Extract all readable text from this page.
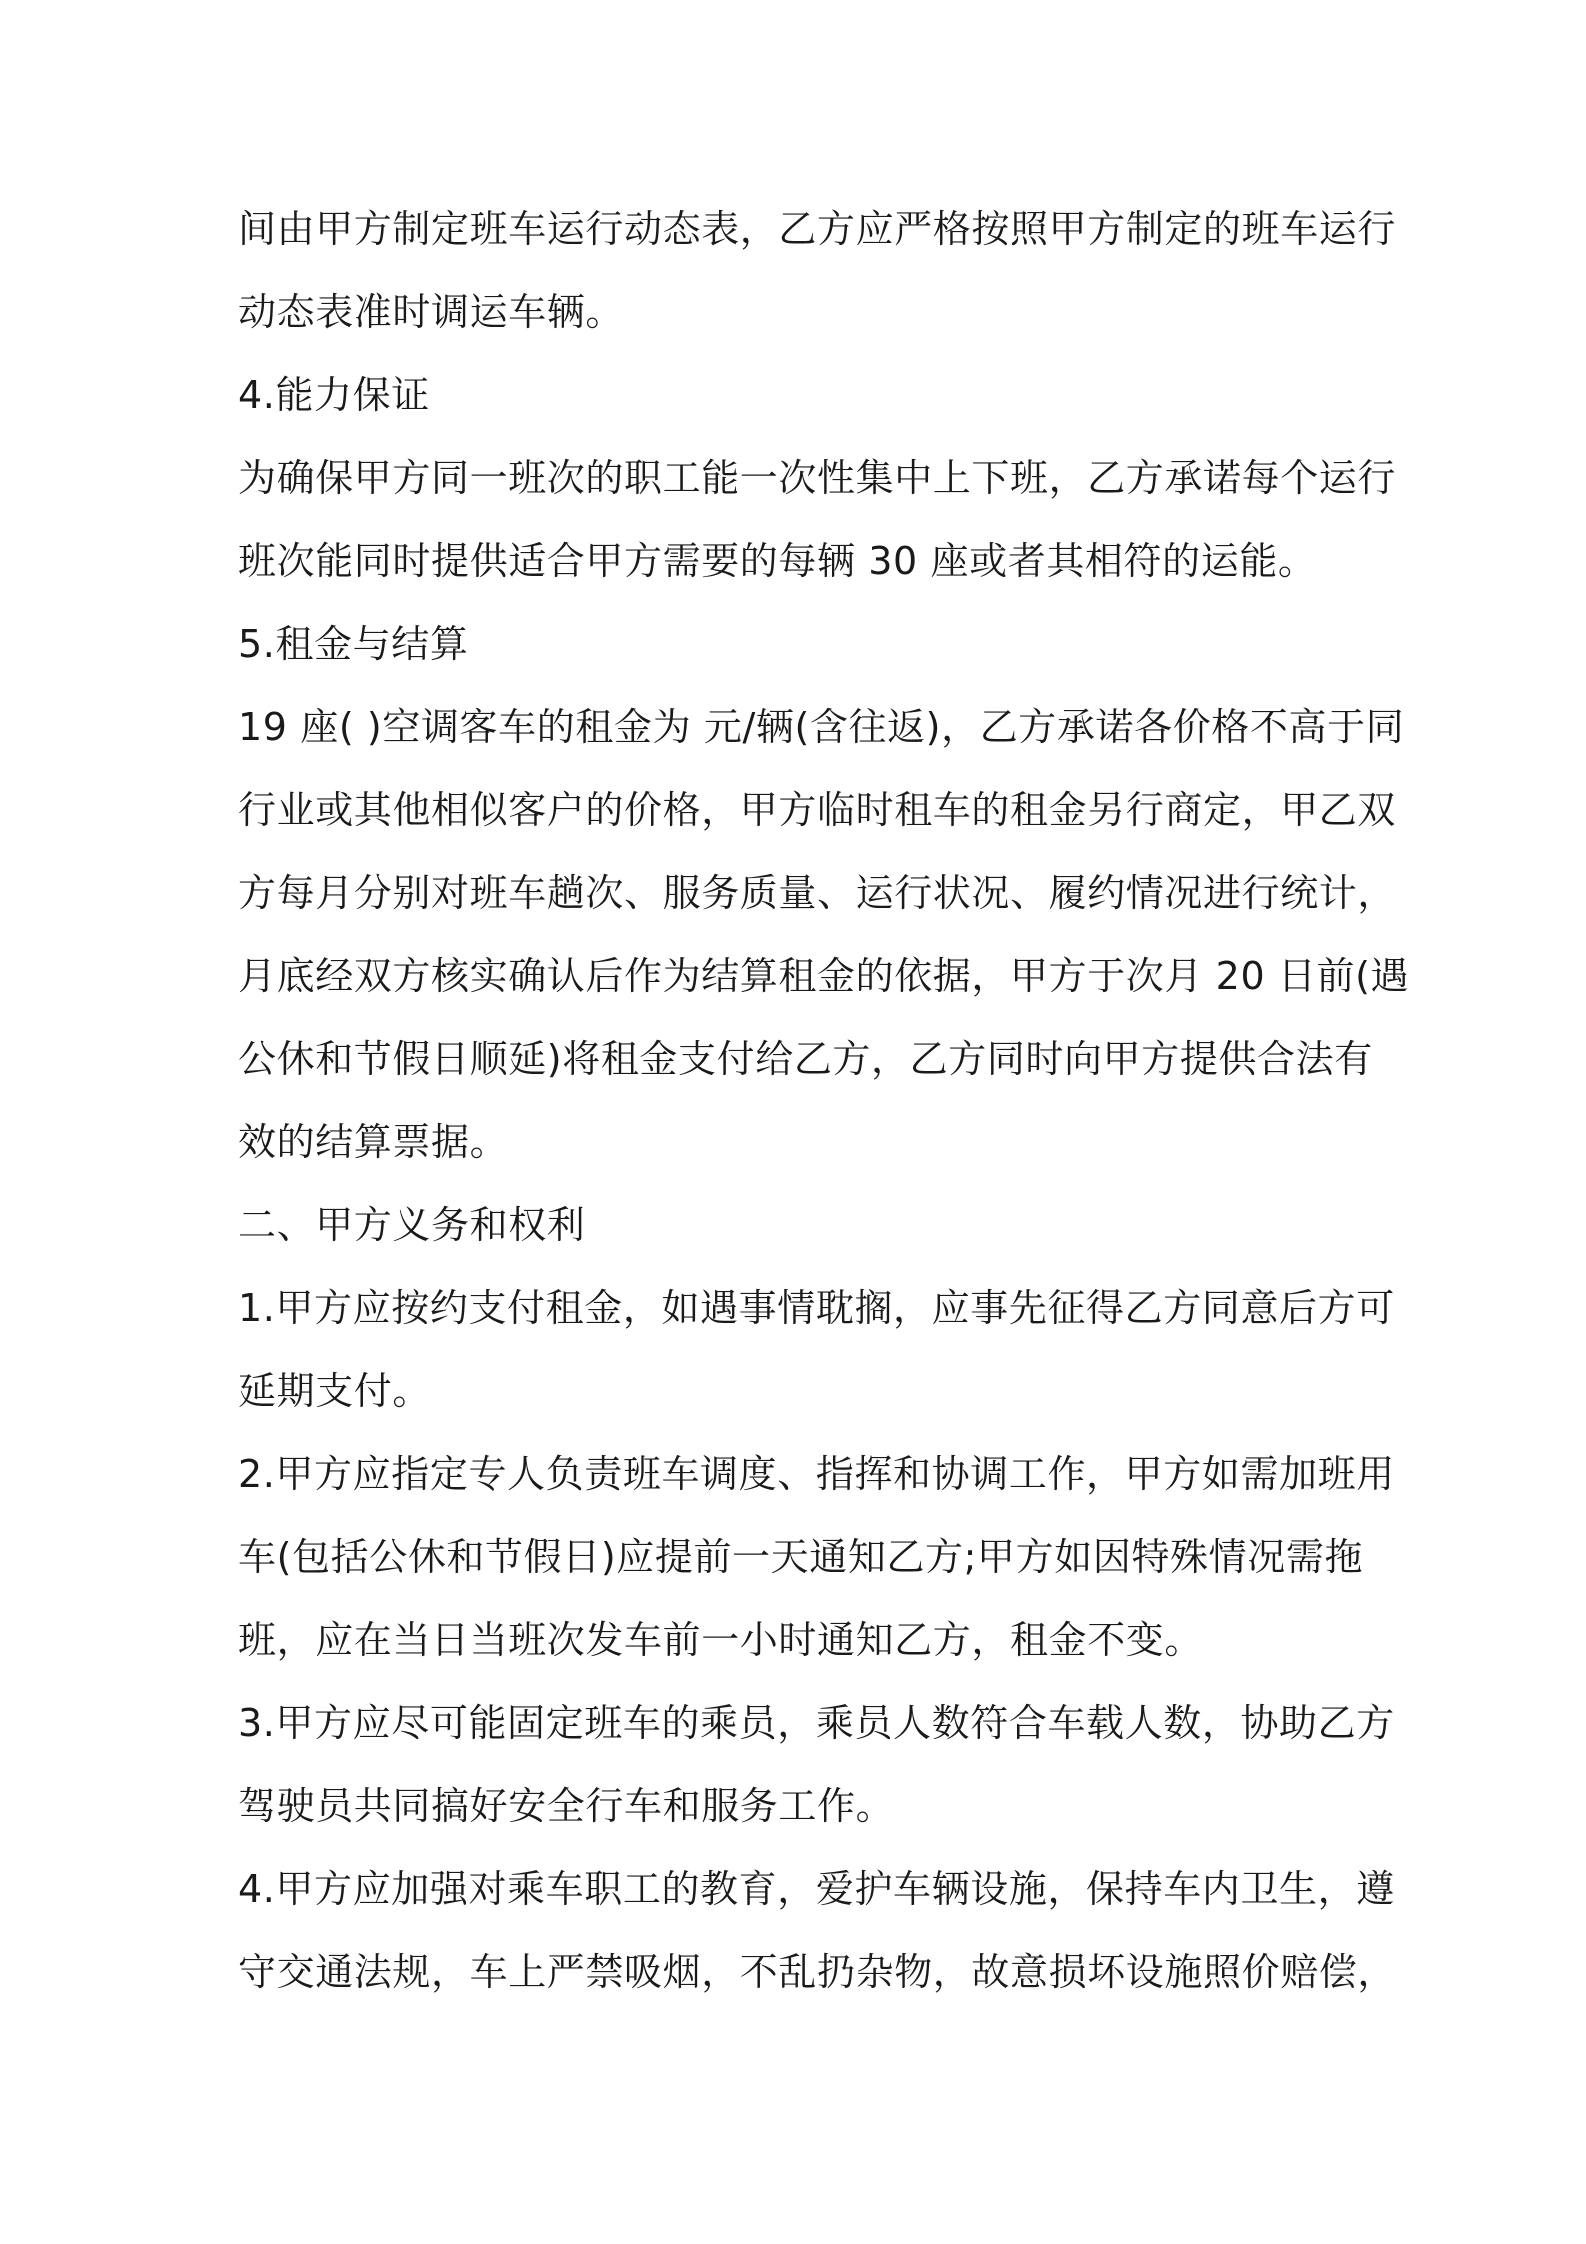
间由甲方制定班车运行动态表，乙方应严格按照甲方制定的班车运行

动态表准时调运车辆。

4.能力保证

为确保甲方同一班次的职工能一次性集中上下班，乙方承诺每个运行

班次能同时提供适合甲方需要的每辆 30 座或者其相符的运能。

5.租金与结算

19 座( )空调客车的租金为 元/辆(含往返)，乙方承诺各价格不高于同

行业或其他相似客户的价格，甲方临时租车的租金另行商定，甲乙双

方每月分别对班车趟次、服务质量、运行状况、履约情况进行统计，

月底经双方核实确认后作为结算租金的依据，甲方于次月 20 日前(遇

公休和节假日顺延)将租金支付给乙方，乙方同时向甲方提供合法有

效的结算票据。

二、甲方义务和权利

1.甲方应按约支付租金，如遇事情耽搁，应事先征得乙方同意后方可

延期支付。

2.甲方应指定专人负责班车调度、指挥和协调工作，甲方如需加班用

车(包括公休和节假日)应提前一天通知乙方;甲方如因特殊情况需拖

班，应在当日当班次发车前一小时通知乙方，租金不变。

3.甲方应尽可能固定班车的乘员，乘员人数符合车载人数，协助乙方

驾驶员共同搞好安全行车和服务工作。

4.甲方应加强对乘车职工的教育，爱护车辆设施，保持车内卫生，遵

守交通法规，车上严禁吸烟，不乱扔杂物，故意损坏设施照价赔偿，
